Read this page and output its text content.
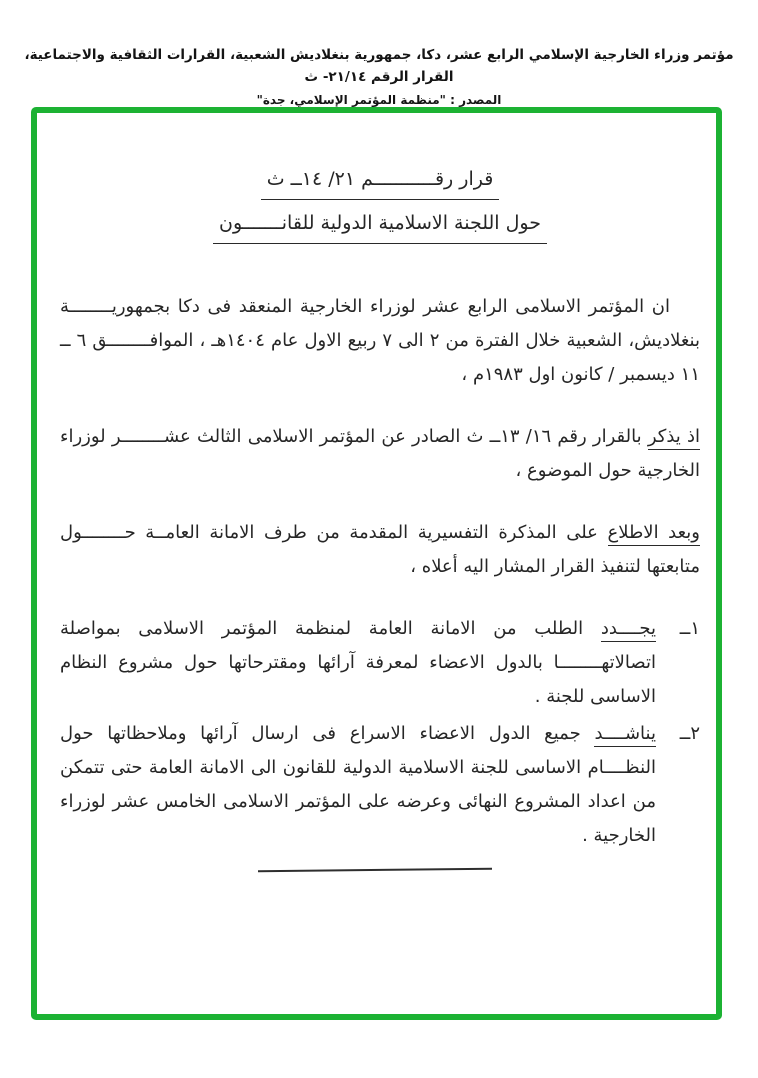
مؤتمر وزراء الخارجية الإسلامي الرابع عشر، دكا، جمهورية بنغلاديش الشعبية، القرارات الثقافية والاجتماعية، القرار الرقم ٢١/١٤- ث
المصدر : "منظمة المؤتمر الإسلامي، جدة"
قرار رقـــــــــــم ٢١/ ١٤ــ ث
حول اللجنة الاسلامية الدولية للقانـــــــون

ان المؤتمر الاسلامى الرابع عشر لوزراء الخارجية المنعقد فى دكا بجمهوريــــــــة بنغلاديش، الشعبية خلال الفترة من ٢ الى ٧ ربيع الاول عام ١٤٠٤هـ ، الموافــــــــق ٦ ــ ١١ ديسمبر / كانون اول ١٩٨٣م ،

اذ يذكر بالقرار رقم ١٦/ ١٣ــ ث الصادر عن المؤتمر الاسلامى الثالث عشــــــــر لوزراء الخارجية حول الموضوع ،

وبعد الاطلاع على المذكرة التفسيرية المقدمة من طرف الامانة العامــة حــــــــول متابعتها لتنفيذ القرار المشار اليه أعلاه ،

١ــ
يجــــدد الطلب من الامانة العامة لمنظمة المؤتمر الاسلامى بمواصلة اتصالاتهــــــــا بالدول الاعضاء لمعرفة آرائها ومقترحاتها حول مشروع النظام الاساسى للجنة .
٢ــ
يناشــــد جميع الدول الاعضاء الاسراع فى ارسال آرائها وملاحظاتها حول النظــــام الاساسى للجنة الاسلامية الدولية للقانون الى الامانة العامة حتى تتمكن من اعداد المشروع النهائى وعرضه على المؤتمر الاسلامى الخامس عشر لوزراء الخارجية .
